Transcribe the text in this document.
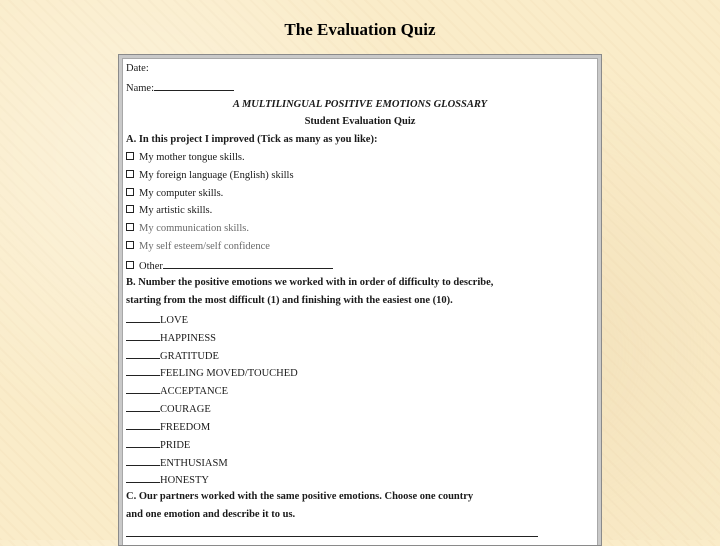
The Evaluation Quiz
Date:
Name:
A MULTILINGUAL POSITIVE EMOTIONS GLOSSARY
Student Evaluation Quiz
A. In this project I improved (Tick as many as you like):
My mother tongue skills.
My foreign language (English) skills
My computer skills.
My artistic skills.
My communication skills.
My self esteem/self confidence
Other
B. Number the positive emotions we worked with in order of difficulty to describe,
starting from the most difficult (1) and finishing with the easiest one (10).
LOVE
HAPPINESS
GRATITUDE
FEELING MOVED/TOUCHED
ACCEPTANCE
COURAGE
FREEDOM
PRIDE
ENTHUSIASM
HONESTY
C. Our partners worked with the same positive emotions. Choose one country
and one emotion and describe it to us.
